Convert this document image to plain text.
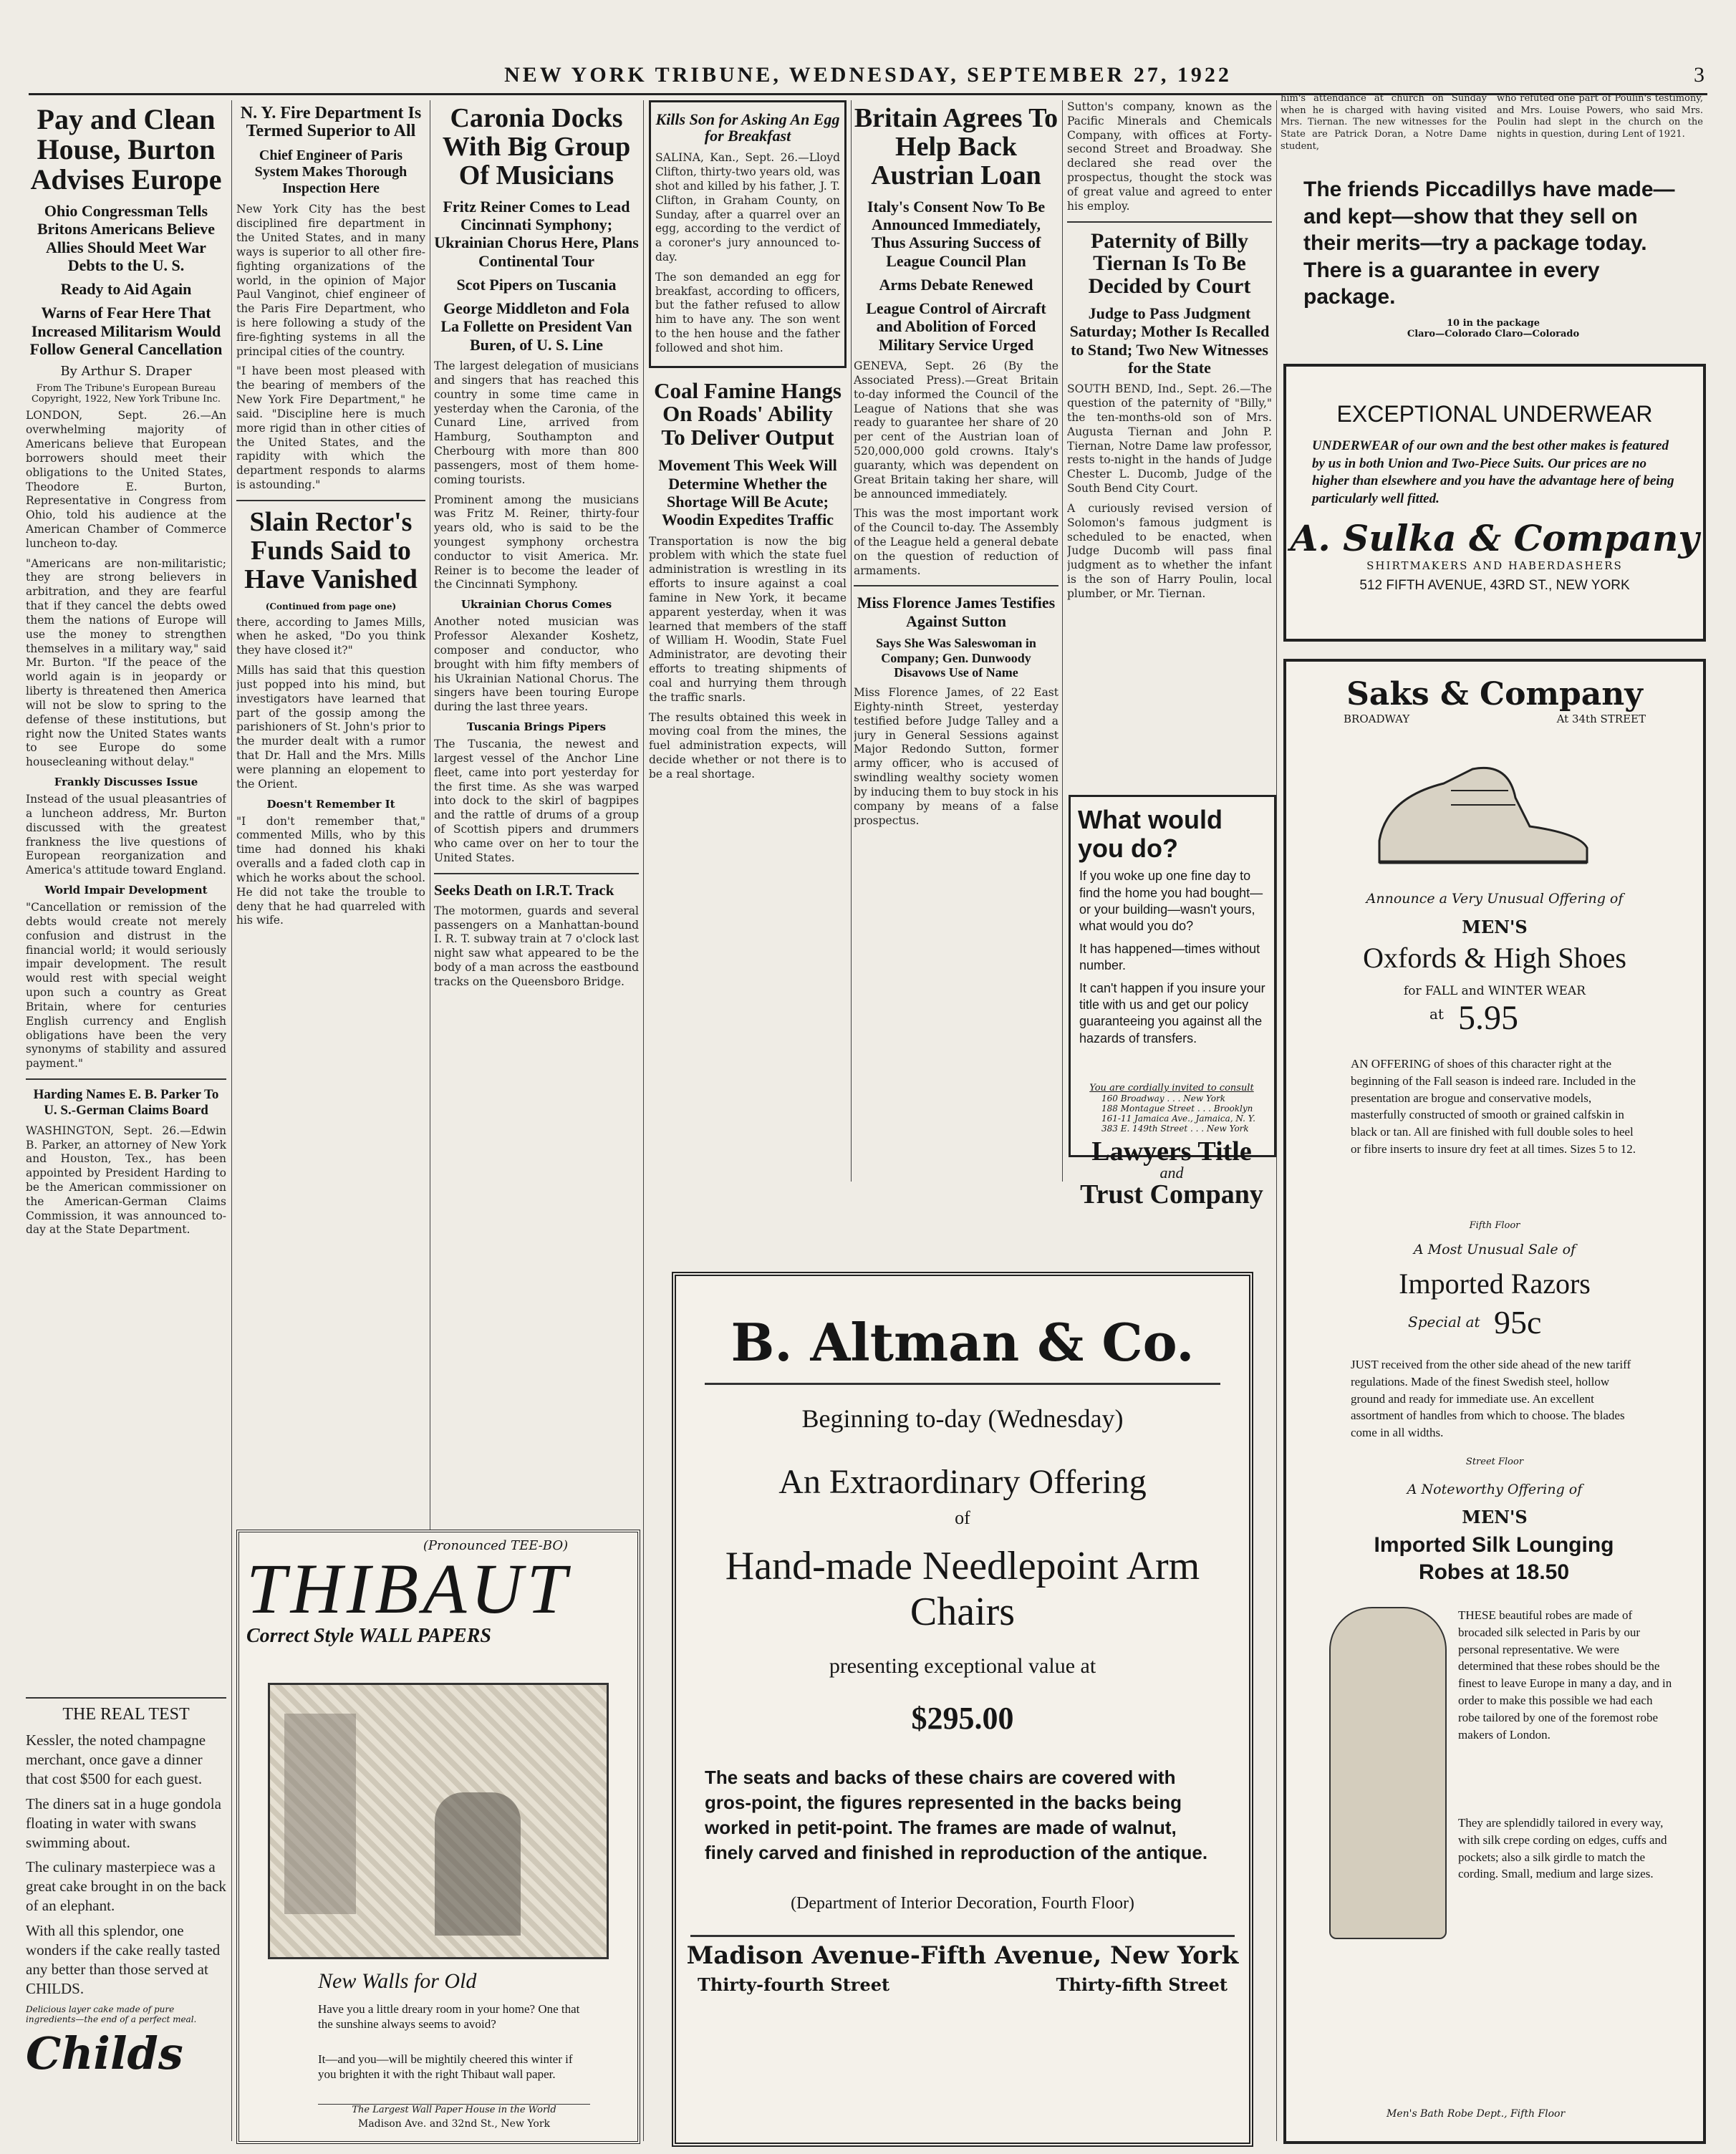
NEW YORK TRIBUNE, WEDNESDAY, SEPTEMBER 27, 1922	3
Pay and Clean House, Burton Advises Europe
Ohio Congressman Tells Britons Americans Believe Allies Should Meet War Debts to the U. S.
Ready to Aid Again
Warns of Fear Here That Increased Militarism Would Follow General Cancellation
By Arthur S. Draper
From The Tribune's European Bureau Copyright, 1922, New York Tribune Inc.

LONDON, Sept. 26.—An overwhelming majority of Americans believe that European borrowers should meet their obligations to the United States, Theodore E. Burton, Representative in Congress from Ohio, told his audience at the American Chamber of Commerce luncheon to-day.

"Americans are non-militaristic; they are strong believers in arbitration, and they are fearful that if they cancel the debts owed them the nations of Europe will use the money to strengthen themselves in a military way," said Mr. Burton. "If the peace of the world again is in jeopardy or liberty is threatened then America will not be slow to spring to the defense of these institutions, but right now the United States wants to see Europe do some housecleaning without delay."

Frankly Discusses Issue

Instead of the usual pleasantries of a luncheon address, Mr. Burton discussed with the greatest frankness the live questions of European reorganization and America's attitude toward England.

World Impair Development

"Cancellation or remission of the debts would create not merely confusion and distrust in the financial world; it would seriously impair development. The result would rest with special weight upon such a country as Great Britain, where for centuries English currency and English obligations have been the very synonyms of stability and assured payment."

Harding Names E. B. Parker To U. S.-German Claims Board

WASHINGTON, Sept. 26.—Edwin B. Parker, an attorney of New York and Houston, Tex., has been appointed by President Harding to be the American commissioner on the American-German Claims Commission, it was announced to-day at the State Department.

THE REAL TEST

Kessler, the noted champagne merchant, once gave a dinner that cost $500 for each guest.

The diners sat in a huge gondola floating in water with swans swimming about.

The culinary masterpiece was a great cake brought in on the back of an elephant.

With all this splendor, one wonders if the cake really tasted any better than those served at CHILDS.

Delicious layer cake made of pure ingredients—the end of a perfect meal.
Childs
N. Y. Fire Department Is Termed Superior to All
Chief Engineer of Paris System Makes Thorough Inspection Here

New York City has the best disciplined fire department in the United States, and in many ways is superior to all other fire-fighting organizations of the world, in the opinion of Major Paul Vanginot, chief engineer of the Paris Fire Department, who is here following a study of the fire-fighting systems in all the principal cities of the country.

"I have been most pleased with the bearing of members of the New York Fire Department," he said. "Discipline here is much more rigid than in other cities of the United States, and the rapidity with which the department responds to alarms is astounding."

Slain Rector's Funds Said to Have Vanished
(Continued from page one)

there, according to James Mills, when he asked, "Do you think they have closed it?"

Mills has said that this question just popped into his mind, but investigators have learned that part of the gossip among the parishioners of St. John's prior to the murder dealt with a rumor that Dr. Hall and the Mrs. Mills were planning an elopement to the Orient.

Doesn't Remember It

"I don't remember that," commented Mills, who by this time had donned his khaki overalls and a faded cloth cap in which he works about the school. He did not take the trouble to deny that he had quarreled with his wife.

Caronia Docks With Big Group Of Musicians
Fritz Reiner Comes to Lead Cincinnati Symphony; Ukrainian Chorus Here, Plans Continental Tour
Scot Pipers on Tuscania
George Middleton and Fola La Follette on President Van Buren, of U. S. Line

The largest delegation of musicians and singers that has reached this country in some time came in yesterday when the Caronia, of the Cunard Line, arrived from Hamburg, Southampton and Cherbourg with more than 800 passengers, most of them home-coming tourists.

Prominent among the musicians was Fritz M. Reiner, thirty-four years old, who is said to be the youngest symphony orchestra conductor to visit America. Mr. Reiner is to become the leader of the Cincinnati Symphony.

Ukrainian Chorus Comes

Another noted musician was Professor Alexander Koshetz, composer and conductor, who brought with him fifty members of his Ukrainian National Chorus. The singers have been touring Europe during the last three years.

Tuscania Brings Pipers

The Tuscania, the newest and largest vessel of the Anchor Line fleet, came into port yesterday for the first time. As she was warped into dock to the skirl of bagpipes and the rattle of drums of a group of Scottish pipers and drummers who came over on her to tour the United States.

Seeks Death on I.R.T. Track

The motormen, guards and several passengers on a Manhattan-bound I. R. T. subway train at 7 o'clock last night saw what appeared to be the body of a man across the eastbound tracks on the Queensboro Bridge.

(Pronounced TEE-BO)
THIBAUT
Correct Style WALL PAPERS
New Walls for Old
Have you a little dreary room in your home? One that the sunshine always seems to avoid?
It—and you—will be mightily cheered this winter if you brighten it with the right Thibaut wall paper.
The Largest Wall Paper House in the World
Madison Ave. and 32nd St., New York
Kills Son for Asking An Egg for Breakfast

SALINA, Kan., Sept. 26.—Lloyd Clifton, thirty-two years old, was shot and killed by his father, J. T. Clifton, in Graham County, on Sunday, after a quarrel over an egg, according to the verdict of a coroner's jury announced to-day.

The son demanded an egg for breakfast, according to officers, but the father refused to allow him to have any. The son went to the hen house and the father followed and shot him.

Coal Famine Hangs On Roads' Ability To Deliver Output
Movement This Week Will Determine Whether the Shortage Will Be Acute; Woodin Expedites Traffic

Transportation is now the big problem with which the state fuel administration is wrestling in its efforts to insure against a coal famine in New York, it became apparent yesterday, when it was learned that members of the staff of William H. Woodin, State Fuel Administrator, are devoting their efforts to treating shipments of coal and hurrying them through the traffic snarls.

The results obtained this week in moving coal from the mines, the fuel administration expects, will decide whether or not there is to be a real shortage.

Britain Agrees To Help Back Austrian Loan
Italy's Consent Now To Be Announced Immediately, Thus Assuring Success of League Council Plan
Arms Debate Renewed
League Control of Aircraft and Abolition of Forced Military Service Urged

GENEVA, Sept. 26 (By the Associated Press).—Great Britain to-day informed the Council of the League of Nations that she was ready to guarantee her share of 20 per cent of the Austrian loan of 520,000,000 gold crowns. Italy's guaranty, which was dependent on Great Britain taking her share, will be announced immediately.

This was the most important work of the Council to-day. The Assembly of the League held a general debate on the question of reduction of armaments.

Miss Florence James Testifies Against Sutton
Says She Was Saleswoman in Company; Gen. Dunwoody Disavows Use of Name

Miss Florence James, of 22 East Eighty-ninth Street, yesterday testified before Judge Talley and a jury in General Sessions against Major Redondo Sutton, former army officer, who is accused of swindling wealthy society women by inducing them to buy stock in his company by means of a false prospectus.

Sutton's company, known as the Pacific Minerals and Chemicals Company, with offices at Forty-second Street and Broadway. She declared she read over the prospectus, thought the stock was of great value and agreed to enter his employ.

Paternity of Billy Tiernan Is To Be Decided by Court
Judge to Pass Judgment Saturday; Mother Is Recalled to Stand; Two New Witnesses for the State

SOUTH BEND, Ind., Sept. 26.—The question of the paternity of "Billy," the ten-months-old son of Mrs. Augusta Tiernan and John P. Tiernan, Notre Dame law professor, rests to-night in the hands of Judge Chester L. Ducomb, Judge of the South Bend City Court.

A curiously revised version of Solomon's famous judgment is scheduled to be enacted, when Judge Ducomb will pass final judgment as to whether the infant is the son of Harry Poulin, local plumber, or Mr. Tiernan.

What would you do?
If you woke up one fine day to find the home you had bought—or your building—wasn't yours, what would you do?
It has happened—times without number.
It can't happen if you insure your title with us and get our policy guaranteeing you against all the hazards of transfers.
You are cordially invited to consult
160 Broadway . . . New York
188 Montague Street . . . Brooklyn
161-11 Jamaica Ave., Jamaica, N. Y.
383 E. 149th Street . . . New York
Lawyers Title
and
Trust Company
B. Altman & Co.
Beginning to-day (Wednesday)
An Extraordinary Offering
of
Hand-made Needlepoint Arm Chairs
presenting exceptional value at
$295.00
The seats and backs of these chairs are covered with gros-point, the figures represented in the backs being worked in petit-point. The frames are made of walnut, finely carved and finished in reproduction of the antique.
(Department of Interior Decoration, Fourth Floor)
Madison Avenue-Fifth Avenue, New York
Thirty-fourth Street	Thirty-fifth Street

him's attendance at church on Sunday when he is charged with having visited Mrs. Tiernan. The new witnesses for the State are Patrick Doran, a Notre Dame student,

who refuted one part of Poulin's testimony, and Mrs. Louise Powers, who said Mrs. Poulin had slept in the church on the nights in question, during Lent of 1921.

The friends Piccadillys have made—and kept—show that they sell on their merits—try a package today. There is a guarantee in every package.
10 in the package
Claro—Colorado Claro—Colorado
EXCEPTIONAL UNDERWEAR
UNDERWEAR of our own and the best other makes is featured by us in both Union and Two-Piece Suits. Our prices are no higher than elsewhere and you have the advantage here of being particularly well fitted.
A. Sulka & Company
SHIRTMAKERS AND HABERDASHERS
512 FIFTH AVENUE, 43RD ST., NEW YORK
Saks & Company
BROADWAY	At 34th STREET
Announce a Very Unusual Offering of
MEN'S
Oxfords & High Shoes
for FALL and WINTER WEAR
at 5.95
AN OFFERING of shoes of this character right at the beginning of the Fall season is indeed rare. Included in the presentation are brogue and conservative models, masterfully constructed of smooth or grained calfskin in black or tan. All are finished with full double soles to heel or fibre inserts to insure dry feet at all times. Sizes 5 to 12.
Fifth Floor
A Most Unusual Sale of
Imported Razors
Special at 95c
JUST received from the other side ahead of the new tariff regulations. Made of the finest Swedish steel, hollow ground and ready for immediate use. An excellent assortment of handles from which to choose. The blades come in all widths.
Street Floor
A Noteworthy Offering of
MEN'S
Imported Silk Lounging Robes at 18.50
THESE beautiful robes are made of brocaded silk selected in Paris by our personal representative. We were determined that these robes should be the finest to leave Europe in many a day, and in order to make this possible we had each robe tailored by one of the foremost robe makers of London.
They are splendidly tailored in every way, with silk crepe cording on edges, cuffs and pockets; also a silk girdle to match the cording. Small, medium and large sizes.
Men's Bath Robe Dept., Fifth Floor
